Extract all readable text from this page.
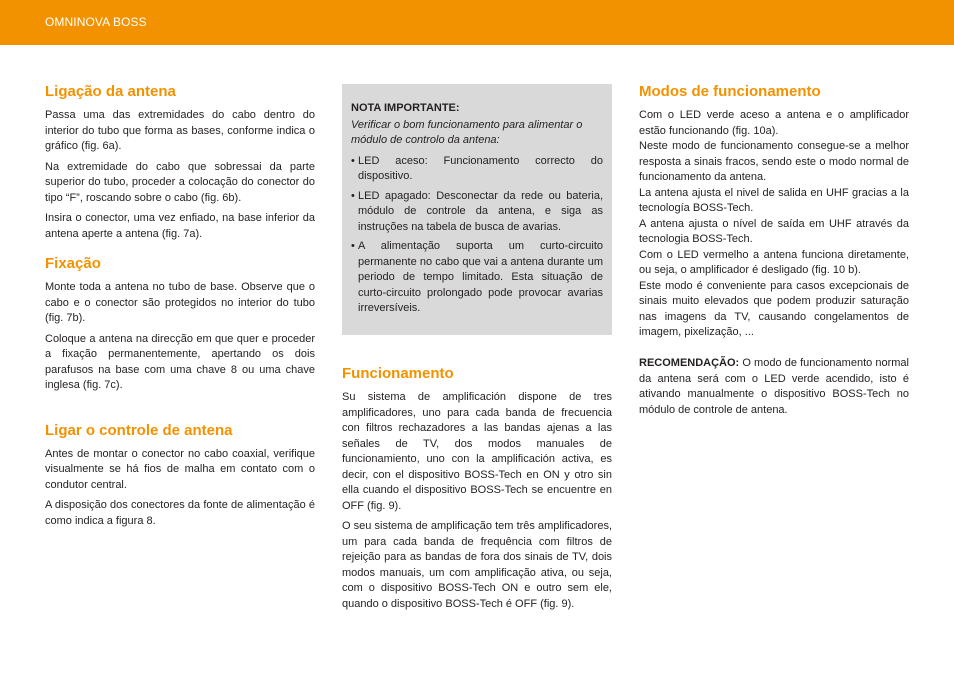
OMNINOVA BOSS
Ligação da antena

Passa uma das extremidades do cabo dentro do interior do tubo que forma as bases, conforme indica o gráfico (fig. 6a).

Na extremidade do cabo que sobressai da parte superior do tubo, proceder a colocação do conector do tipo “F”, roscando sobre o cabo (fig. 6b).

Insira o conector, uma vez enfiado, na base inferior da antena aperte a antena (fig. 7a).

Fixação

Monte toda a antena no tubo de base. Observe que o cabo e o conector são protegidos no interior do tubo (fig. 7b).

Coloque a antena na direcção em que quer e proceder a fixação permanentemente, apertando os dois parafusos na base com uma chave 8 ou uma chave inglesa (fig. 7c).

Ligar o controle de antena

Antes de montar o conector no cabo coaxial, verifique visualmente se há fios de malha em contato com o condutor central.

A disposição dos conectores da fonte de alimentação é como indica a figura 8.

NOTA IMPORTANTE:

Verificar o bom funcionamento para alimentar o módulo de controlo da antena:

• LED aceso: Funcionamento correcto do dispositivo.
• LED apagado: Desconectar da rede ou bateria, módulo de controle da antena, e siga as instruções na tabela de busca de avarias.
• A alimentação suporta um curto-circuito permanente no cabo que vai a antena durante um periodo de tempo limitado. Esta situação de curto-circuito prolongado pode provocar avarias irreversíveis.
Funcionamento

Su sistema de amplificación dispone de tres amplificadores, uno para cada banda de frecuencia con filtros rechazadores a las bandas ajenas a las señales de TV, dos modos manuales de funcionamiento, uno con la amplificación activa, es decir, con el dispositivo BOSS-Tech en ON y otro sin ella cuando el dispositivo BOSS-Tech se encuentre en OFF (fig. 9).

O seu sistema de amplificação tem três amplificadores, um para cada banda de frequência com filtros de rejeição para as bandas de fora dos sinais de TV, dois modos manuais, um com amplificação ativa, ou seja, com o dispositivo BOSS-Tech ON e outro sem ele, quando o dispositivo BOSS-Tech é OFF (fig. 9).

Modos de funcionamento

Com o LED verde aceso a antena e o amplificador estão funcionando (fig. 10a).

Neste modo de funcionamento consegue-se a melhor resposta a sinais fracos, sendo este o modo normal de funcionamento da antena.

La antena ajusta el nivel de salida en UHF gracias a la tecnología BOSS-Tech.

A antena ajusta o nível de saída em UHF através da tecnologia BOSS-Tech.

Com o LED vermelho a antena funciona diretamente, ou seja, o amplificador é desligado (fig. 10 b).

Este modo é conveniente para casos excepcionais de sinais muito elevados que podem produzir saturação nas imagens da TV, causando congelamentos de imagem, pixelização, ...

RECOMENDAÇÃO: O modo de funcionamento normal da antena será com o LED verde acendido, isto é ativando manualmente o dispositivo BOSS-Tech no módulo de controle de antena.
